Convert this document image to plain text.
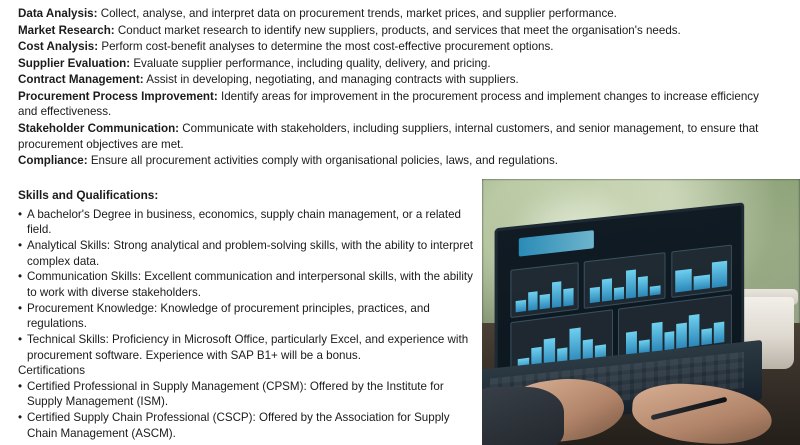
Data Analysis: Collect, analyse, and interpret data on procurement trends, market prices, and supplier performance.

Market Research: Conduct market research to identify new suppliers, products, and services that meet the organisation's needs.

Cost Analysis: Perform cost-benefit analyses to determine the most cost-effective procurement options.

Supplier Evaluation: Evaluate supplier performance, including quality, delivery, and pricing.

Contract Management: Assist in developing, negotiating, and managing contracts with suppliers.

Procurement Process Improvement: Identify areas for improvement in the procurement process and implement changes to increase efficiency and effectiveness.

Stakeholder Communication: Communicate with stakeholders, including suppliers, internal customers, and senior management, to ensure that procurement objectives are met.

Compliance: Ensure all procurement activities comply with organisational policies, laws, and regulations.

Skills and Qualifications:
• A bachelor's Degree in business, economics, supply chain management, or a related field.
• Analytical Skills: Strong analytical and problem-solving skills, with the ability to interpret complex data.
• Communication Skills: Excellent communication and interpersonal skills, with the ability to work with diverse stakeholders.
• Procurement Knowledge: Knowledge of procurement principles, practices, and regulations.
• Technical Skills: Proficiency in Microsoft Office, particularly Excel, and experience with procurement software. Experience with SAP B1+ will be a bonus.
Certifications
• Certified Professional in Supply Management (CPSM): Offered by the Institute for Supply Management (ISM).
• Certified Supply Chain Professional (CSCP): Offered by the Association for Supply Chain Management (ASCM).
